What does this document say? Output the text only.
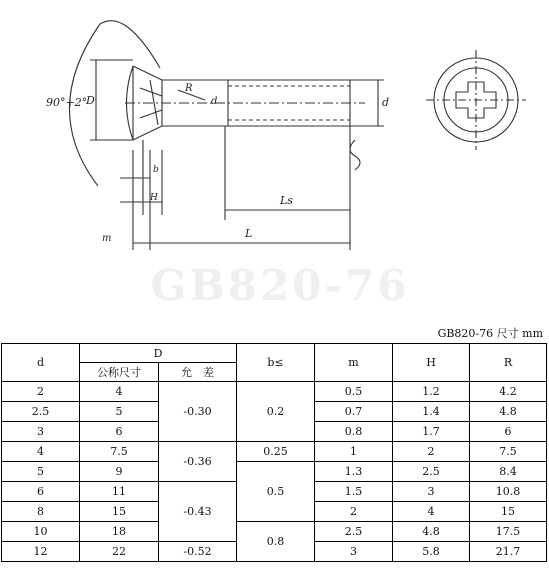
GB820-76
90°+2°
D
R
d	d
H
b
Ls
L
m
GB820-76 尺寸 mm
d	D		b≤	m	H	R
	公称尺寸	允　差				
2	4	-0.30	0.2	0.5	1.2	4.2
2.5	5			0.7	1.4	4.8
3	6			0.8	1.7	6
4	7.5	-0.36	0.25	1	2	7.5
5	9		0.5	1.3	2.5	8.4
6	11	-0.43		1.5	3	10.8
8	15			2	4	15
10	18		0.8	2.5	4.8	17.5
12	22	-0.52		3	5.8	21.7
